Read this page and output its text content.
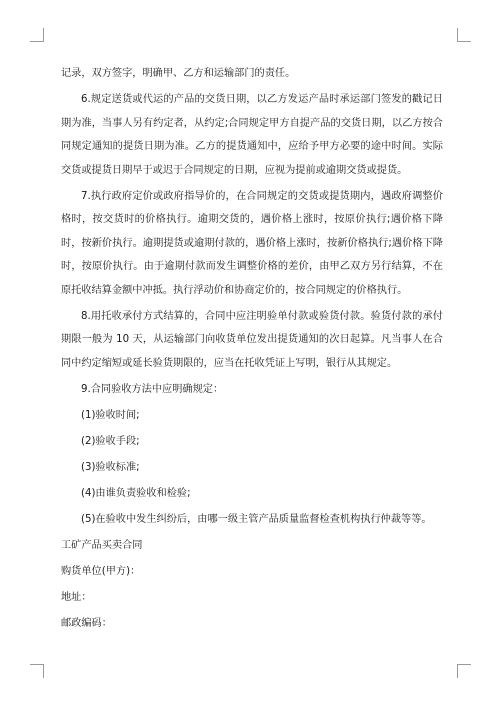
记录，双方签字，明确甲、乙方和运输部门的责任。

6.规定送货或代运的产品的交货日期，以乙方发运产品时承运部门签发的戳记日期为准，当事人另有约定者，从约定;合同规定甲方自提产品的交货日期，以乙方按合同规定通知的提货日期为准。乙方的提货通知中，应给予甲方必要的途中时间。实际交货或提货日期早于或迟于合同规定的日期，应视为提前或逾期交货或提货。

7.执行政府定价或政府指导价的，在合同规定的交货或提货期内，遇政府调整价格时，按交货时的价格执行。逾期交货的，遇价格上涨时，按原价执行;遇价格下降时，按新价执行。逾期提货或逾期付款的，遇价格上涨时，按新价格执行;遇价格下降时，按原价执行。由于逾期付款而发生调整价格的差价，由甲乙双方另行结算，不在原托收结算金额中冲抵。执行浮动价和协商定价的，按合同规定的价格执行。

8.用托收承付方式结算的，合同中应注明验单付款或验货付款。验货付款的承付期限一般为 10 天，从运输部门向收货单位发出提货通知的次日起算。凡当事人在合同中约定缩短或延长验货期限的，应当在托收凭证上写明，银行从其规定。

9.合同验收方法中应明确规定：

(1)验收时间;

(2)验收手段;

(3)验收标准;

(4)由谁负责验收和检验;

(5)在验收中发生纠纷后，由哪一级主管产品质量监督检查机构执行仲裁等等。

工矿产品买卖合同

购货单位(甲方)：

地址：

邮政编码：
